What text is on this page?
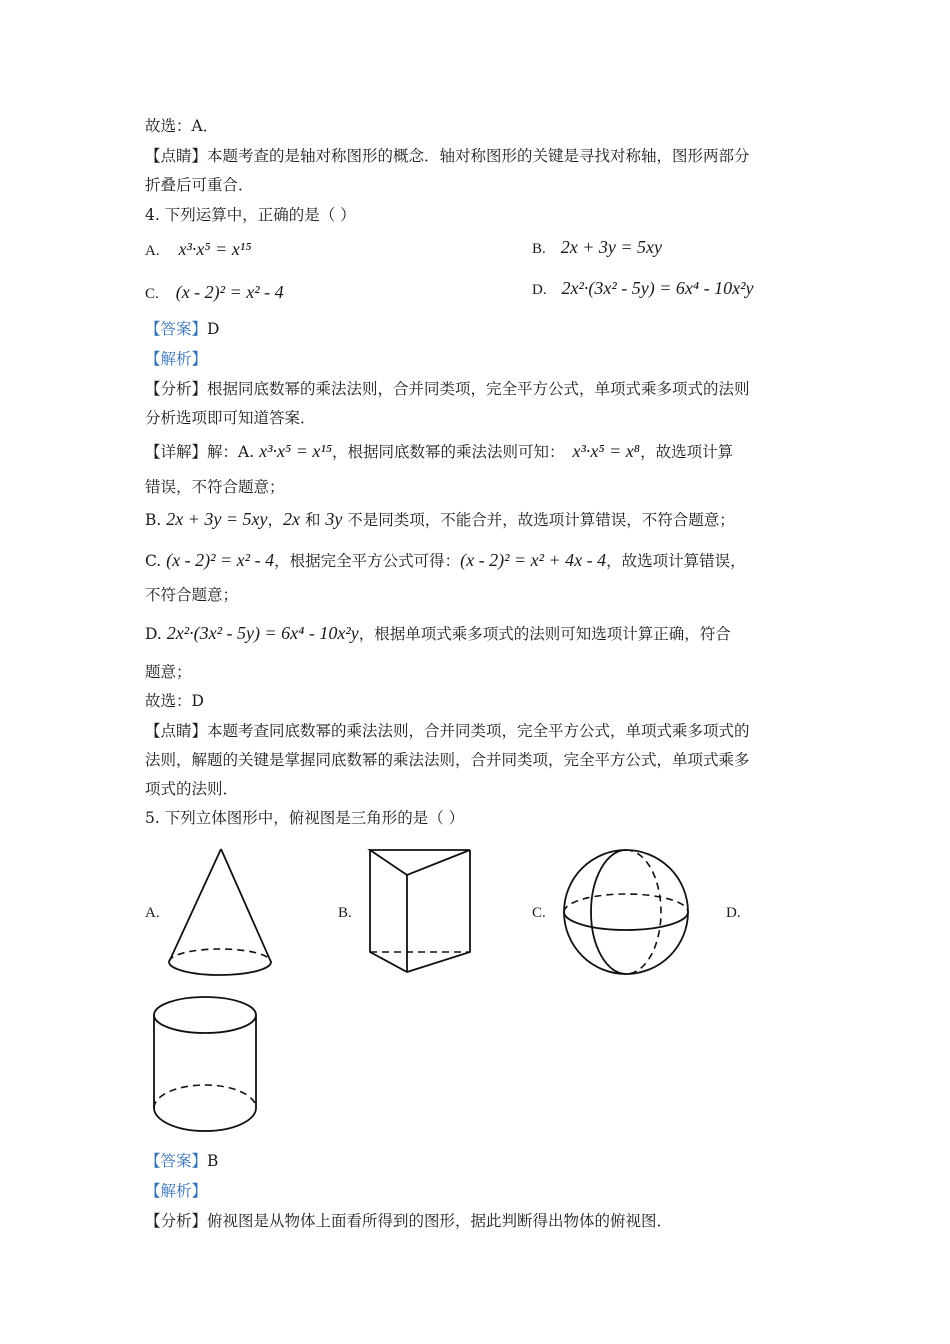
故选：A．
【点睛】本题考查的是轴对称图形的概念．轴对称图形的关键是寻找对称轴，图形两部分
折叠后可重合．
4. 下列运算中，正确的是（ ）
A. x³·x⁵ = x¹⁵	B. 2x + 3y = 5xy
C. (x - 2)² = x² - 4	D. 2x²·(3x² - 5y) = 6x⁴ - 10x²y
【答案】D
【解析】
【分析】根据同底数幂的乘法法则，合并同类项，完全平方公式，单项式乘多项式的法则
分析选项即可知道答案．
【详解】解：A. x³·x⁵ = x¹⁵，根据同底数幂的乘法法则可知： x³·x⁵ = x⁸，故选项计算
错误，不符合题意；
B. 2x + 3y = 5xy，2x 和 3y 不是同类项，不能合并，故选项计算错误，不符合题意；
C. (x - 2)² = x² - 4，根据完全平方公式可得：(x - 2)² = x² + 4x - 4，故选项计算错误，
不符合题意；
D. 2x²·(3x² - 5y) = 6x⁴ - 10x²y，根据单项式乘多项式的法则可知选项计算正确，符合
题意；
故选：D
【点睛】本题考查同底数幂的乘法法则，合并同类项，完全平方公式，单项式乘多项式的
法则，解题的关键是掌握同底数幂的乘法法则，合并同类项，完全平方公式，单项式乘多
项式的法则．
5. 下列立体图形中，俯视图是三角形的是（ ）
A.	B.	C.	D.
【答案】B
【解析】
【分析】俯视图是从物体上面看所得到的图形，据此判断得出物体的俯视图．
